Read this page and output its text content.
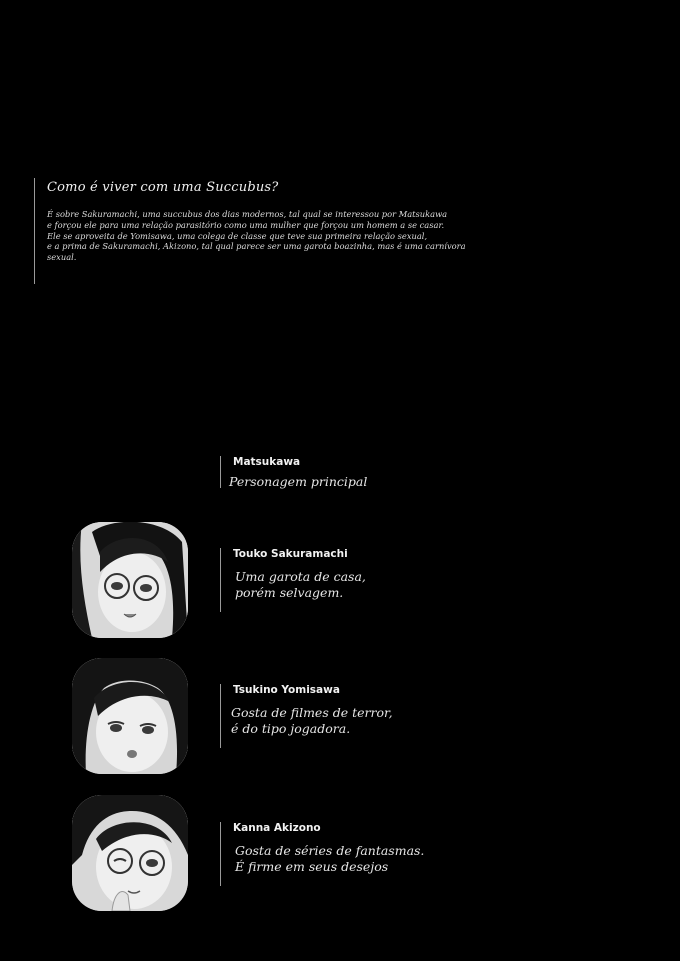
Como é viver com uma Succubus?
É sobre Sakuramachi, uma succubus dos dias modernos, tal qual se interessou por Matsukawa
e forçou ele para uma relação parasitório como uma mulher que forçou um homem a se casar.
Ele se aproveita de Yomisawa, uma colega de classe que teve sua primeira relação sexual,
e a prima de Sakuramachi, Akizono, tal qual parece ser uma garota boazinha, mas é uma carnívora
sexual.
Matsukawa
Personagem principal
Touko Sakuramachi
Uma garota de casa,
porém selvagem.
Tsukino Yomisawa
Gosta de filmes de terror,
é do tipo jogadora.
Kanna Akizono
Gosta de séries de fantasmas.
É firme em seus desejos
